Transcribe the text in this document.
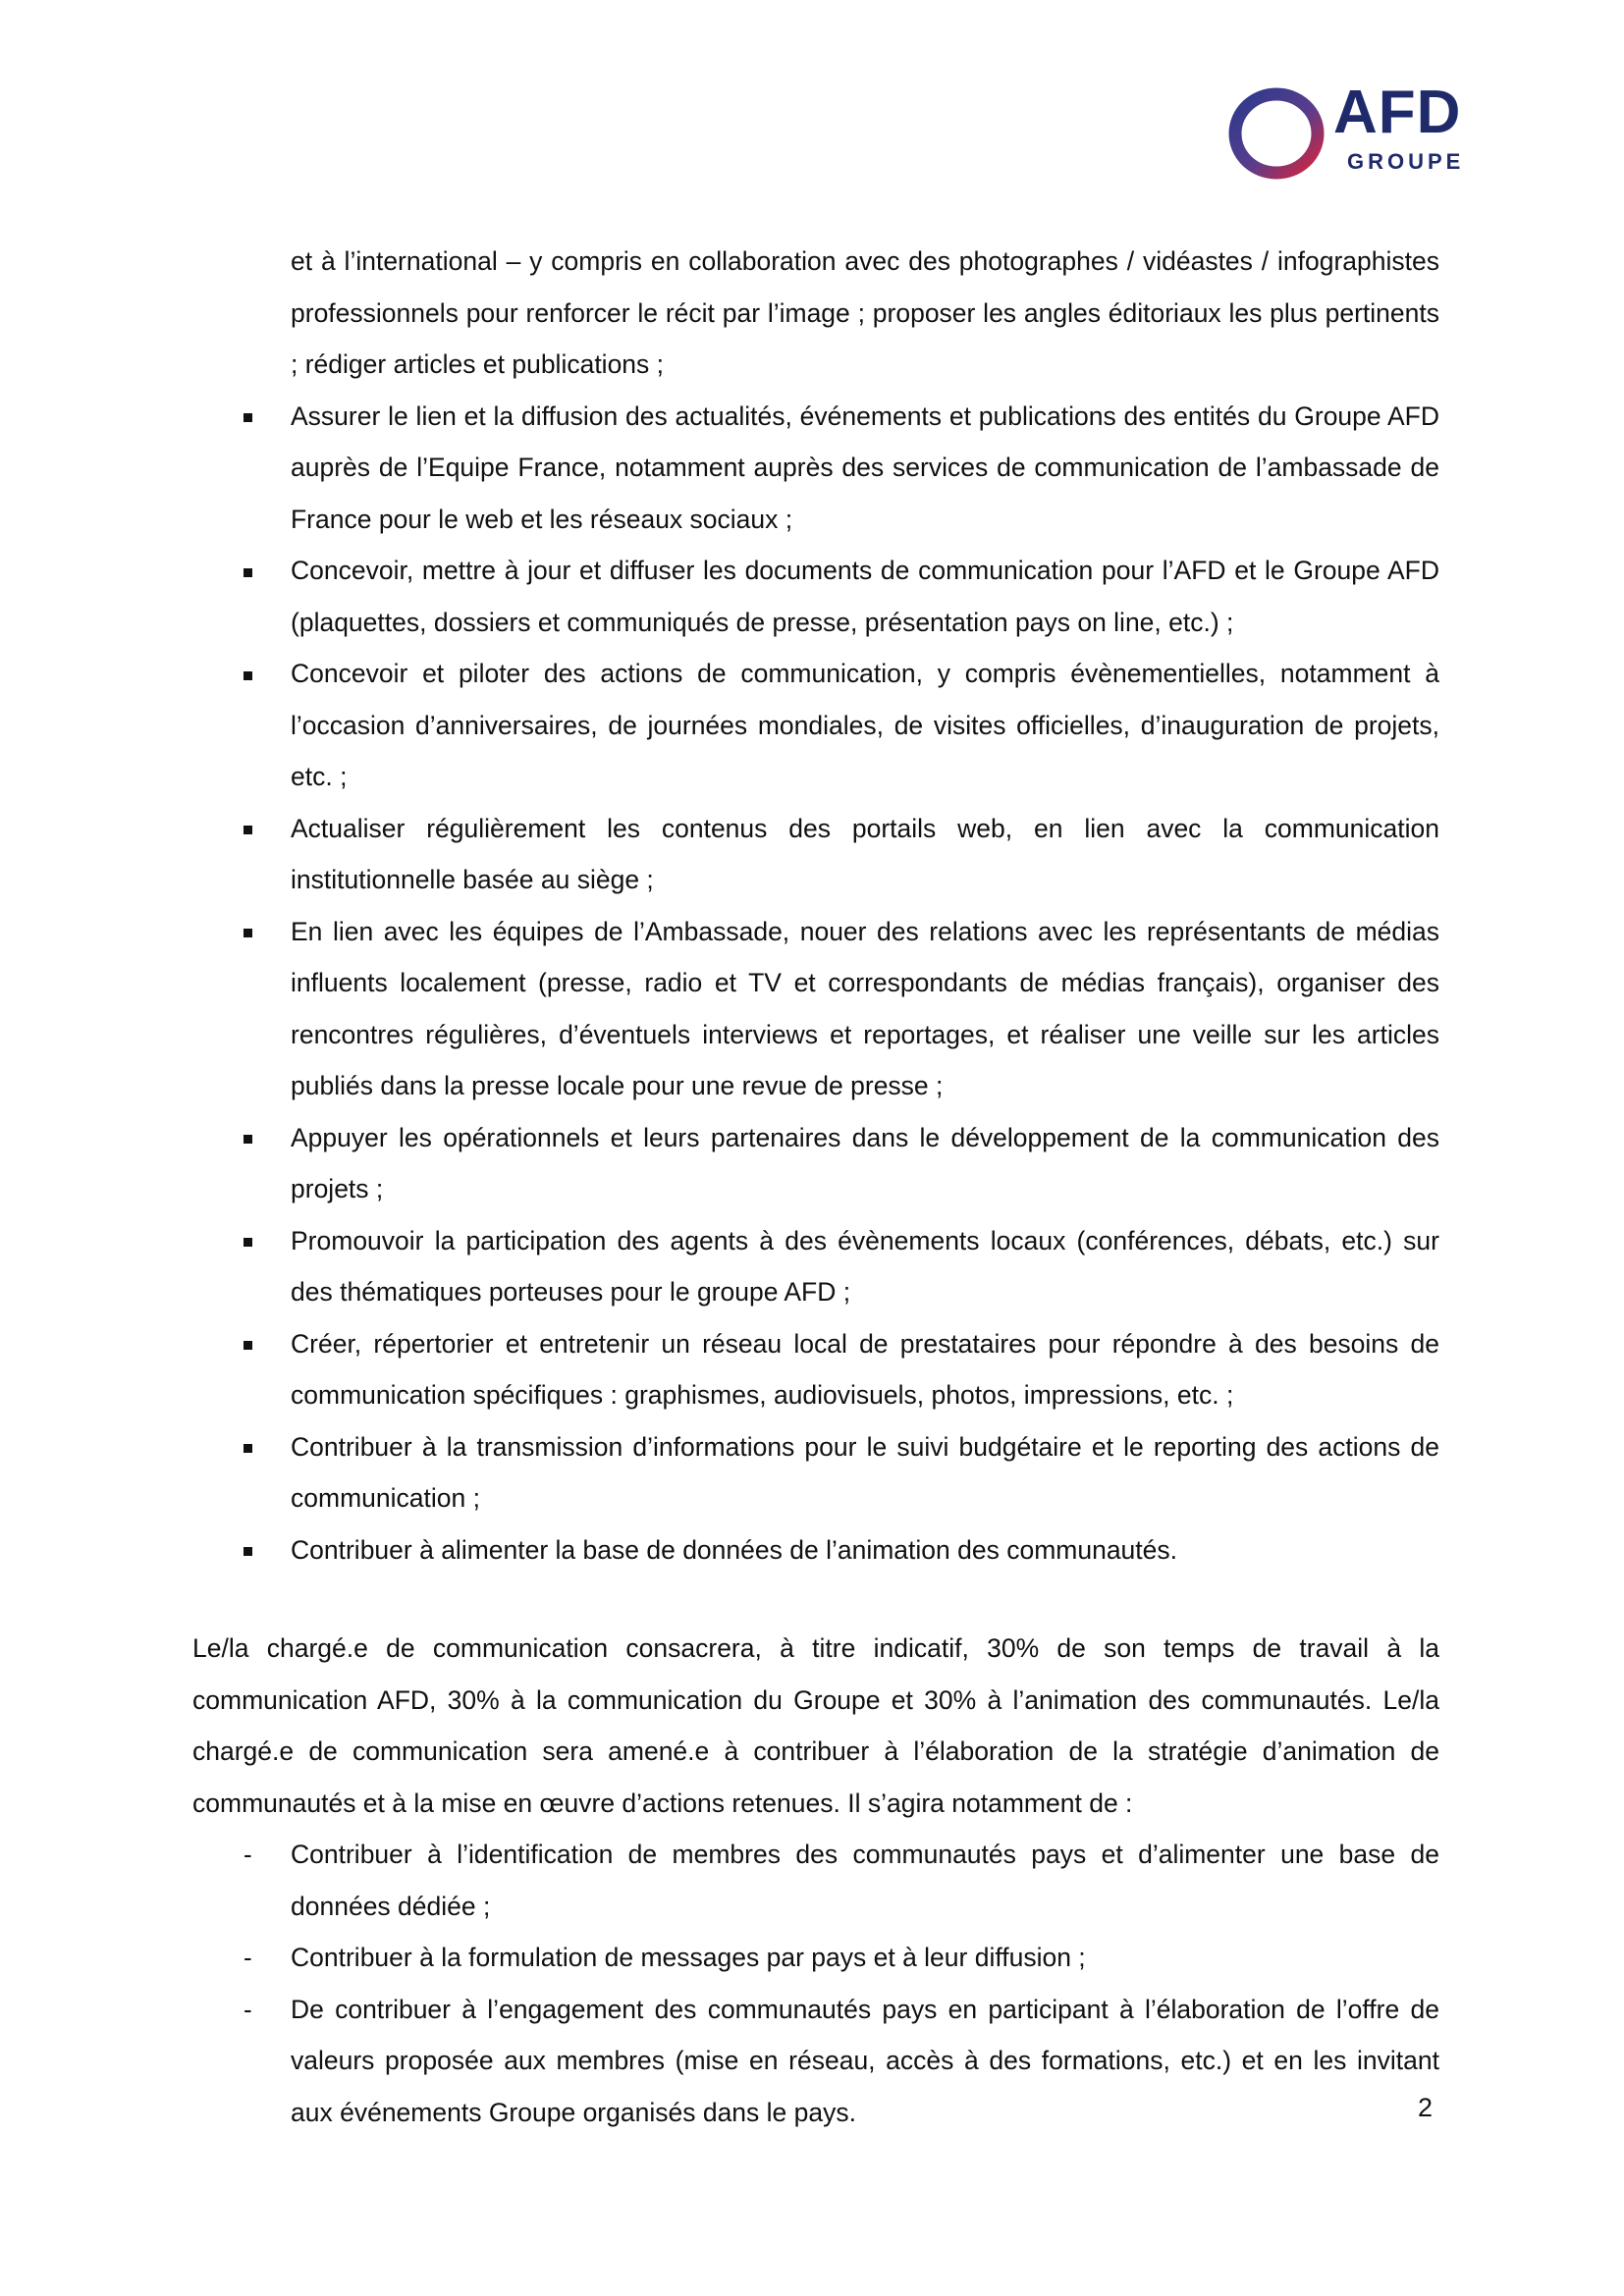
AFD
GROUPE

et à l’international – y compris en collaboration avec des photographes / vidéastes / infographistes professionnels pour renforcer le récit par l’image ; proposer les angles éditoriaux les plus pertinents ; rédiger articles et publications ;

Assurer le lien et la diffusion des actualités, événements et publications des entités du Groupe AFD auprès de l’Equipe France, notamment auprès des services de communication de l’ambassade de France pour le web et les réseaux sociaux ;

Concevoir, mettre à jour et diffuser les documents de communication pour l’AFD et le Groupe AFD (plaquettes, dossiers et communiqués de presse, présentation pays on line, etc.) ;

Concevoir et piloter des actions de communication, y compris évènementielles, notamment à l’occasion d’anniversaires, de journées mondiales, de visites officielles, d’inauguration de projets, etc. ;

Actualiser régulièrement les contenus des portails web, en lien avec la communication institutionnelle basée au siège ;

En lien avec les équipes de l’Ambassade, nouer des relations avec les représentants de médias influents localement (presse, radio et TV et correspondants de médias français), organiser des rencontres régulières, d’éventuels interviews et reportages, et réaliser une veille sur les articles publiés dans la presse locale pour une revue de presse ;

Appuyer les opérationnels et leurs partenaires dans le développement de la communication des projets ;

Promouvoir la participation des agents à des évènements locaux (conférences, débats, etc.) sur des thématiques porteuses pour le groupe AFD ;

Créer, répertorier et entretenir un réseau local de prestataires pour répondre à des besoins de communication spécifiques : graphismes, audiovisuels, photos, impressions, etc. ;

Contribuer à la transmission d’informations pour le suivi budgétaire et le reporting des actions de communication ;

Contribuer à alimenter la base de données de l’animation des communautés.

Le/la chargé.e de communication consacrera, à titre indicatif, 30% de son temps de travail à la communication AFD, 30% à la communication du Groupe et 30% à l’animation des communautés. Le/la chargé.e de communication sera amené.e à contribuer à l’élaboration de la stratégie d’animation de communautés et à la mise en œuvre d’actions retenues. Il s’agira notamment de :

- Contribuer à l’identification de membres des communautés pays et d’alimenter une base de données dédiée ;

- Contribuer à la formulation de messages par pays et à leur diffusion ;

- De contribuer à l’engagement des communautés pays en participant à l’élaboration de l’offre de valeurs proposée aux membres (mise en réseau, accès à des formations, etc.) et en les invitant aux événements Groupe organisés dans le pays.	2
